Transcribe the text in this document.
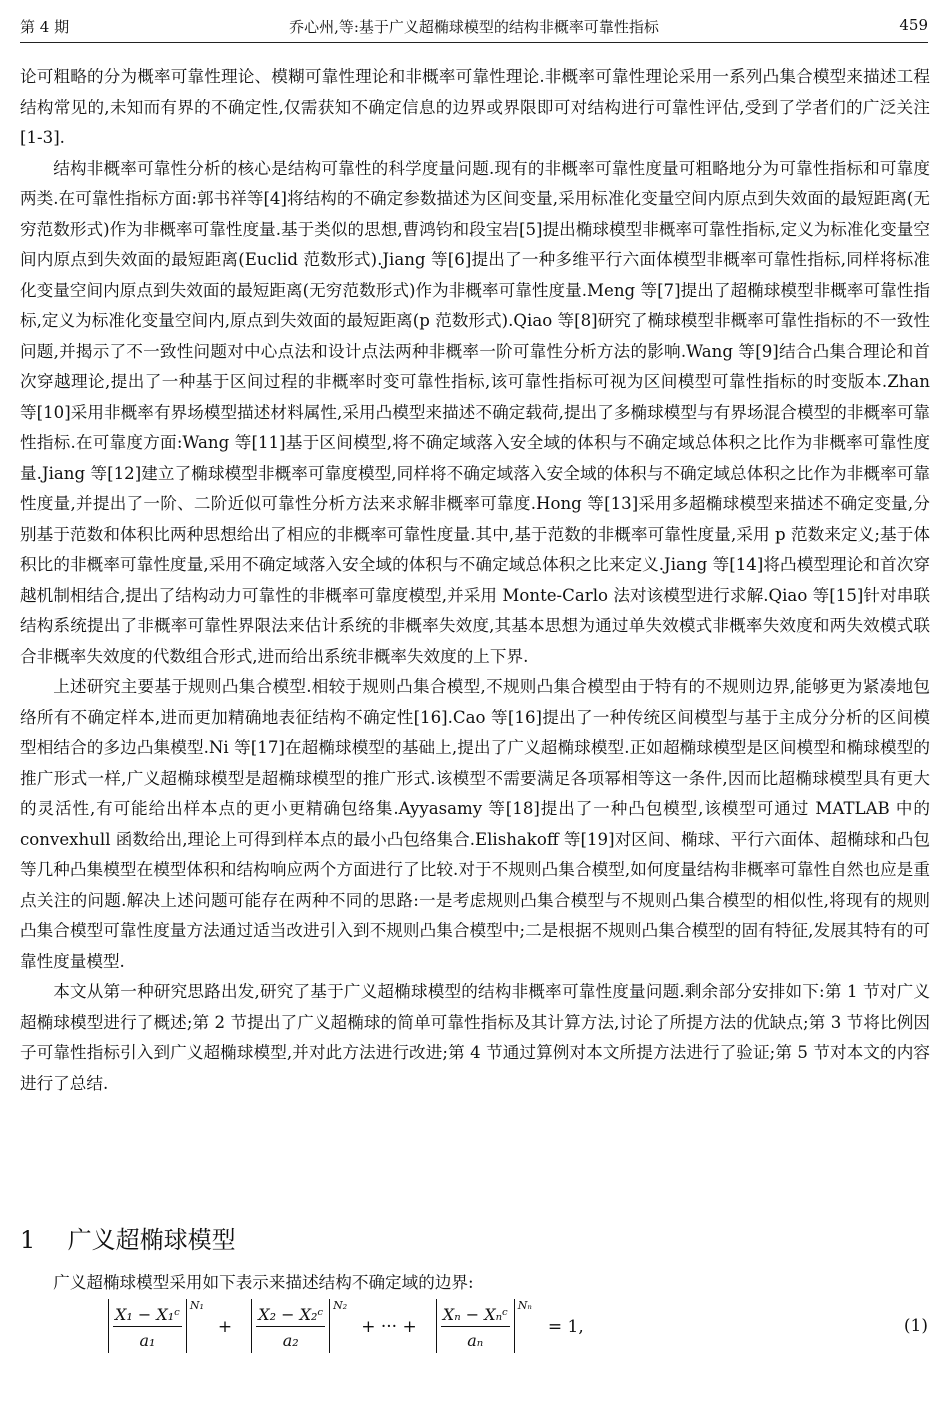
第 4 期	乔心州,等:基于广义超椭球模型的结构非概率可靠性指标	459

论可粗略的分为概率可靠性理论、模糊可靠性理论和非概率可靠性理论.非概率可靠性理论采用一系列凸集合模型来描述工程结构常见的,未知而有界的不确定性,仅需获知不确定信息的边界或界限即可对结构进行可靠性评估,受到了学者们的广泛关注[1-3].

结构非概率可靠性分析的核心是结构可靠性的科学度量问题.现有的非概率可靠性度量可粗略地分为可靠性指标和可靠度两类.在可靠性指标方面:郭书祥等[4]将结构的不确定参数描述为区间变量,采用标准化变量空间内原点到失效面的最短距离(无穷范数形式)作为非概率可靠性度量.基于类似的思想,曹鸿钧和段宝岩[5]提出椭球模型非概率可靠性指标,定义为标准化变量空间内原点到失效面的最短距离(Euclid 范数形式).Jiang 等[6]提出了一种多维平行六面体模型非概率可靠性指标,同样将标准化变量空间内原点到失效面的最短距离(无穷范数形式)作为非概率可靠性度量.Meng 等[7]提出了超椭球模型非概率可靠性指标,定义为标准化变量空间内,原点到失效面的最短距离(p 范数形式).Qiao 等[8]研究了椭球模型非概率可靠性指标的不一致性问题,并揭示了不一致性问题对中心点法和设计点法两种非概率一阶可靠性分析方法的影响.Wang 等[9]结合凸集合理论和首次穿越理论,提出了一种基于区间过程的非概率时变可靠性指标,该可靠性指标可视为区间模型可靠性指标的时变版本.Zhan 等[10]采用非概率有界场模型描述材料属性,采用凸模型来描述不确定载荷,提出了多椭球模型与有界场混合模型的非概率可靠性指标.在可靠度方面:Wang 等[11]基于区间模型,将不确定域落入安全域的体积与不确定域总体积之比作为非概率可靠性度量.Jiang 等[12]建立了椭球模型非概率可靠度模型,同样将不确定域落入安全域的体积与不确定域总体积之比作为非概率可靠性度量,并提出了一阶、二阶近似可靠性分析方法来求解非概率可靠度.Hong 等[13]采用多超椭球模型来描述不确定变量,分别基于范数和体积比两种思想给出了相应的非概率可靠性度量.其中,基于范数的非概率可靠性度量,采用 p 范数来定义;基于体积比的非概率可靠性度量,采用不确定域落入安全域的体积与不确定域总体积之比来定义.Jiang 等[14]将凸模型理论和首次穿越机制相结合,提出了结构动力可靠性的非概率可靠度模型,并采用 Monte-Carlo 法对该模型进行求解.Qiao 等[15]针对串联结构系统提出了非概率可靠性界限法来估计系统的非概率失效度,其基本思想为通过单失效模式非概率失效度和两失效模式联合非概率失效度的代数组合形式,进而给出系统非概率失效度的上下界.

上述研究主要基于规则凸集合模型.相较于规则凸集合模型,不规则凸集合模型由于特有的不规则边界,能够更为紧凑地包络所有不确定样本,进而更加精确地表征结构不确定性[16].Cao 等[16]提出了一种传统区间模型与基于主成分分析的区间模型相结合的多边凸集模型.Ni 等[17]在超椭球模型的基础上,提出了广义超椭球模型.正如超椭球模型是区间模型和椭球模型的推广形式一样,广义超椭球模型是超椭球模型的推广形式.该模型不需要满足各项幂相等这一条件,因而比超椭球模型具有更大的灵活性,有可能给出样本点的更小更精确包络集.Ayyasamy 等[18]提出了一种凸包模型,该模型可通过 MATLAB 中的 convexhull 函数给出,理论上可得到样本点的最小凸包络集合.Elishakoff 等[19]对区间、椭球、平行六面体、超椭球和凸包等几种凸集模型在模型体积和结构响应两个方面进行了比较.对于不规则凸集合模型,如何度量结构非概率可靠性自然也应是重点关注的问题.解决上述问题可能存在两种不同的思路:一是考虑规则凸集合模型与不规则凸集合模型的相似性,将现有的规则凸集合模型可靠性度量方法通过适当改进引入到不规则凸集合模型中;二是根据不规则凸集合模型的固有特征,发展其特有的可靠性度量模型.

本文从第一种研究思路出发,研究了基于广义超椭球模型的结构非概率可靠性度量问题.剩余部分安排如下:第 1 节对广义超椭球模型进行了概述;第 2 节提出了广义超椭球的简单可靠性指标及其计算方法,讨论了所提方法的优缺点;第 3 节将比例因子可靠性指标引入到广义超椭球模型,并对此方法进行改进;第 4 节通过算例对本文所提方法进行了验证;第 5 节对本文的内容进行了总结.

1 广义超椭球模型
广义超椭球模型采用如下表示来描述结构不确定域的边界:
$\frac{\text{X₁ − X₁ᶜ}}{\text{a₁}} N_1$
+ $\frac{\text{X₂ − X₂ᶜ}}{\text{a₂}} N_2$
+ ··· +
Xₙ − Xₙᶜ
aₙ
Nₙ
= 1,	(1)
